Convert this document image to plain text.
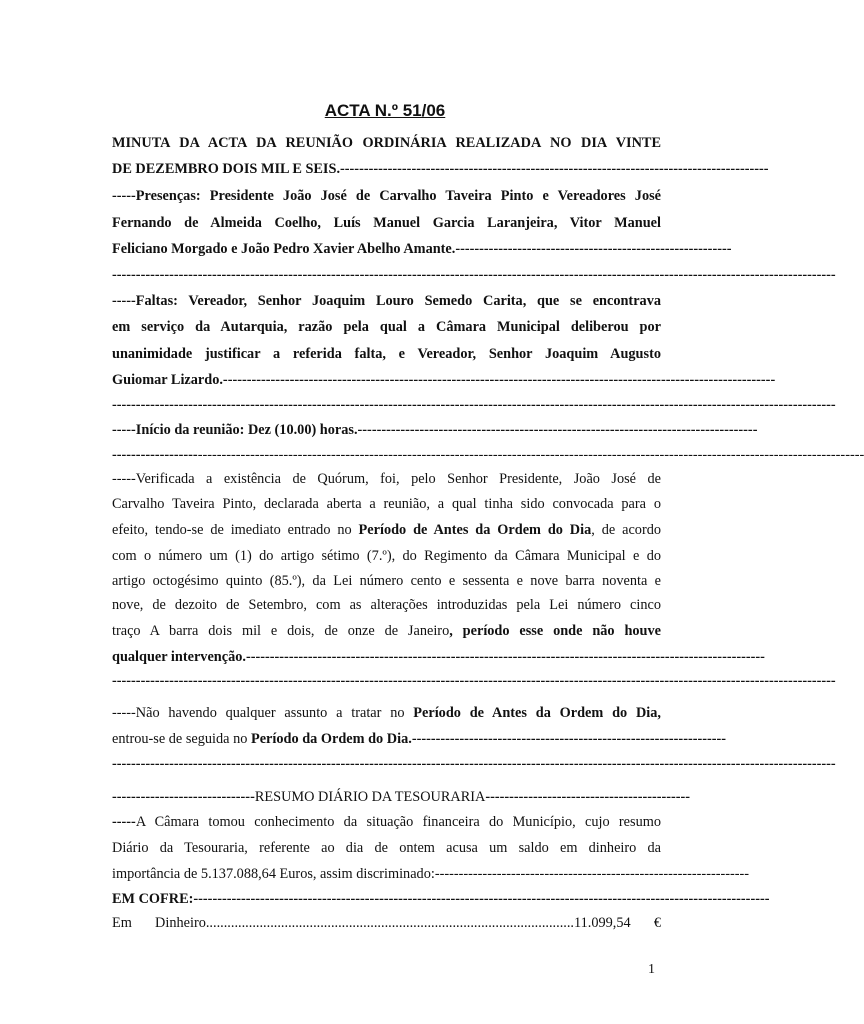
ACTA N.º 51/06
MINUTA DA ACTA DA REUNIÃO ORDINÁRIA REALIZADA NO DIA VINTE
DE DEZEMBRO DOIS MIL E SEIS.------------------------------------------------------------------------------------------
-----Presenças: Presidente João José de Carvalho Taveira Pinto e Vereadores José
Fernando de Almeida Coelho, Luís Manuel Garcia Laranjeira, Vitor Manuel
Feliciano Morgado e João Pedro Xavier Abelho Amante.----------------------------------------------------------
--------------------------------------------------------------------------------------------------------------------------------------------------------
-----Faltas: Vereador, Senhor Joaquim Louro Semedo Carita, que se encontrava
em serviço da Autarquia, razão pela qual a Câmara Municipal deliberou por
unanimidade justificar a referida falta, e Vereador, Senhor Joaquim Augusto
Guiomar Lizardo.--------------------------------------------------------------------------------------------------------------------
--------------------------------------------------------------------------------------------------------------------------------------------------------
-----Início da reunião: Dez (10.00) horas.------------------------------------------------------------------------------------
--------------------------------------------------------------------------------------------------------------------------------------------------------------
-----Verificada a existência de Quórum, foi, pelo Senhor Presidente, João José de
Carvalho Taveira Pinto, declarada aberta a reunião, a qual tinha sido convocada para o
efeito, tendo-se de imediato entrado no Período de Antes da Ordem do Dia, de acordo
com o número um (1) do artigo sétimo (7.º), do Regimento da Câmara Municipal e do
artigo octogésimo quinto (85.º), da Lei número cento e sessenta e nove barra noventa e
nove, de dezoito de Setembro, com as alterações introduzidas pela Lei número cinco
traço A barra dois mil e dois, de onze de Janeiro, período esse onde não houve
qualquer intervenção.-------------------------------------------------------------------------------------------------------------
--------------------------------------------------------------------------------------------------------------------------------------------------------
-----Não havendo qualquer assunto a tratar no Período de Antes da Ordem do Dia,
entrou-se de seguida no Período da Ordem do Dia.------------------------------------------------------------------
--------------------------------------------------------------------------------------------------------------------------------------------------------
------------------------------RESUMO DIÁRIO DA TESOURARIA-------------------------------------------
-----A Câmara tomou conhecimento da situação financeira do Município, cujo resumo
Diário da Tesouraria, referente ao dia de ontem acusa um saldo em dinheiro da
importância de 5.137.088,64 Euros, assim discriminado:------------------------------------------------------------------
EM COFRE:-------------------------------------------------------------------------------------------------------------------------
Em Dinheiro.......................................................................................................11.099,54 €
1
